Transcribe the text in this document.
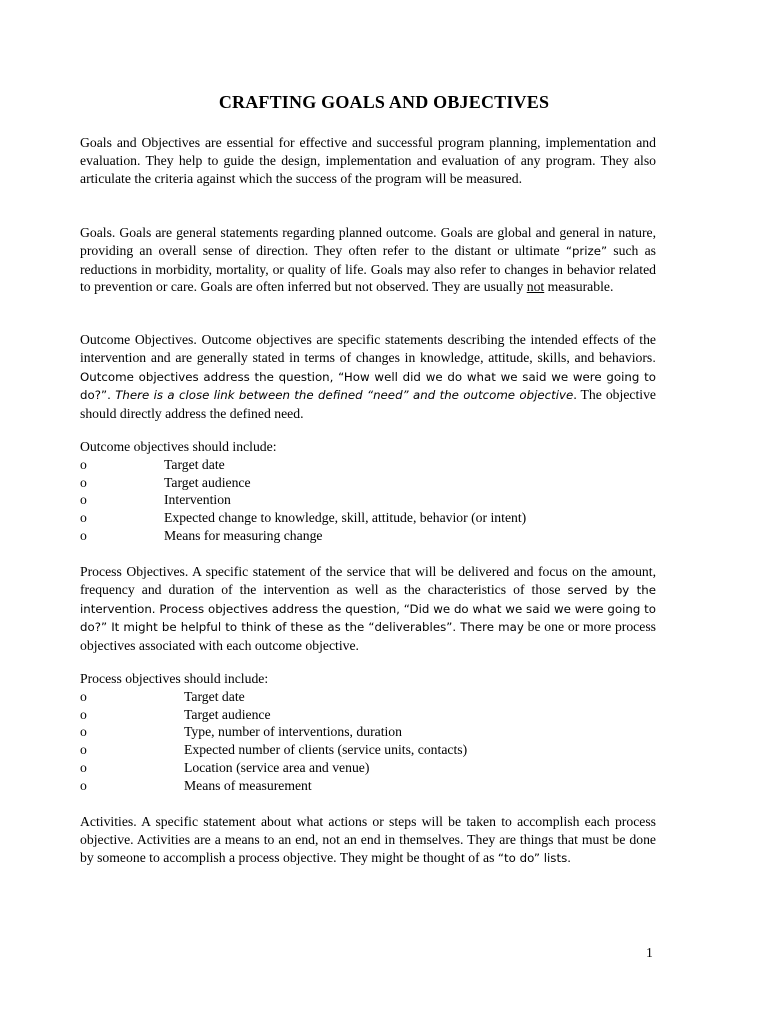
CRAFTING GOALS AND OBJECTIVES

Goals and Objectives are essential for effective and successful program planning, implementation and evaluation. They help to guide the design, implementation and evaluation of any program. They also articulate the criteria against which the success of the program will be measured.

Goals. Goals are general statements regarding planned outcome. Goals are global and general in nature, providing an overall sense of direction. They often refer to the distant or ultimate “prize” such as reductions in morbidity, mortality, or quality of life. Goals may also refer to changes in behavior related to prevention or care. Goals are often inferred but not observed. They are usually not measurable.

Outcome Objectives. Outcome objectives are specific statements describing the intended effects of the intervention and are generally stated in terms of changes in knowledge, attitude, skills, and behaviors. Outcome objectives address the question, “How well did we do what we said we were going to do?”. There is a close link between the defined “need” and the outcome objective. The objective should directly address the defined need.

Outcome objectives should include:
o	Target date
o	Target audience
o	Intervention
o	Expected change to knowledge, skill, attitude, behavior (or intent)
o	Means for measuring change

Process Objectives. A specific statement of the service that will be delivered and focus on the amount, frequency and duration of the intervention as well as the characteristics of those served by the intervention. Process objectives address the question, “Did we do what we said we were going to do?” It might be helpful to think of these as the “deliverables”. There may be one or more process objectives associated with each outcome objective.

Process objectives should include:
o	Target date
o	Target audience
o	Type, number of interventions, duration
o	Expected number of clients (service units, contacts)
o	Location (service area and venue)
o	Means of measurement

Activities. A specific statement about what actions or steps will be taken to accomplish each process objective. Activities are a means to an end, not an end in themselves. They are things that must be done by someone to accomplish a process objective. They might be thought of as “to do” lists.

1
